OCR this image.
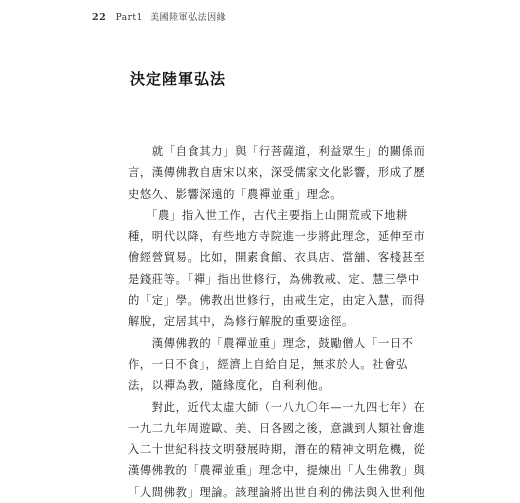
22 Part1 美國陸軍弘法因緣
決定陸軍弘法

　　就「自食其力」與「行菩薩道，利益眾生」的關係而
言，漢傳佛教自唐宋以來，深受儒家文化影響，形成了歷
史悠久、影響深遠的「農禪並重」理念。

　　「農」指入世工作，古代主要指上山開荒或下地耕
種，明代以降，有些地方寺院進一步將此理念，延伸至市
儈經營貿易。比如，開素食館、衣具店、當舖、客棧甚至
是錢莊等。「禪」指出世修行，為佛教戒、定、慧三學中
的「定」學。佛教出世修行，由戒生定，由定入慧，而得
解脫，定居其中，為修行解脫的重要途徑。

　　漢傳佛教的「農禪並重」理念，鼓勵僧人「一日不
作，一日不食」，經濟上自給自足，無求於人。社會弘
法，以禪為教，隨緣度化，自利利他。

　　對此，近代太虛大師（一八九〇年—一九四七年）在
一九二九年周遊歐、美、日各國之後，意識到人類社會進
入二十世紀科技文明發展時期，潛在的精神文明危機，從
漢傳佛教的「農禪並重」理念中，提煉出「人生佛教」與
「人間佛教」理論。該理論將出世自利的佛法與入世利他
